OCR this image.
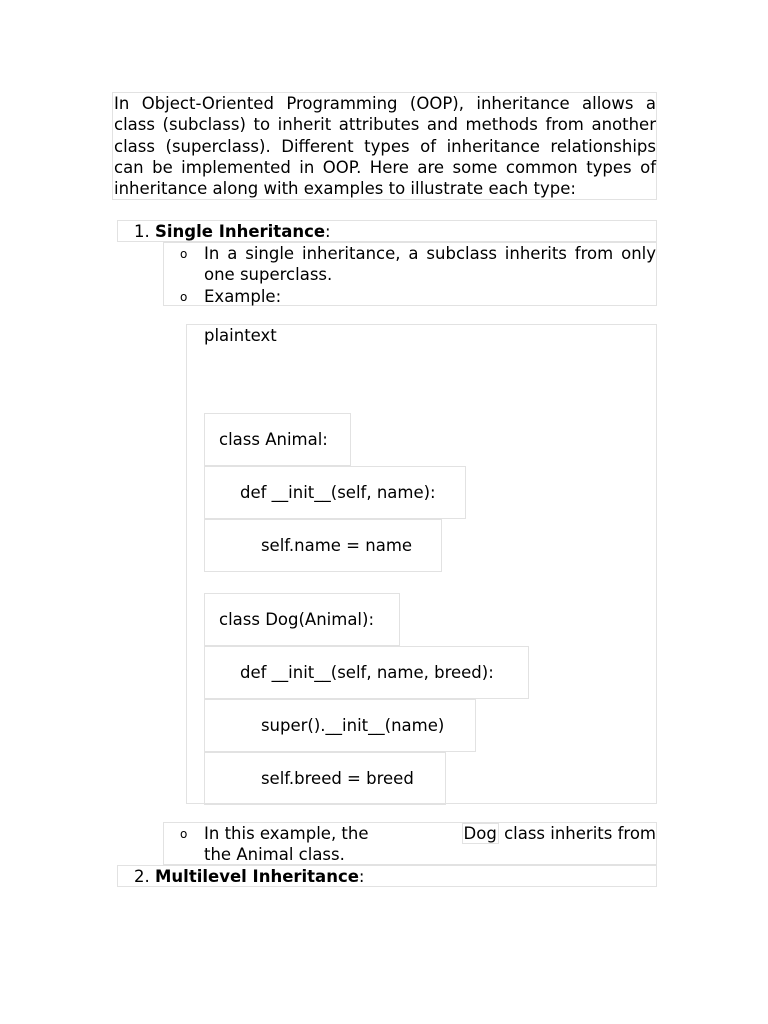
In Object-Oriented Programming (OOP), inheritance allows a class (subclass) to inherit attributes and methods from another class (superclass). Different types of inheritance relationships can be implemented in OOP. Here are some common types of inheritance along with examples to illustrate each type:
1. Single Inheritance:
o In a single inheritance, a subclass inherits from only one superclass.
o Example:
plaintext
class Animal:
def __init__(self, name):
self.name = name
class Dog(Animal):
def __init__(self, name, breed):
super().__init__(name)
self.breed = breed
o In this example, the	Dog class inherits from
the Animal class.
2. Multilevel Inheritance:
